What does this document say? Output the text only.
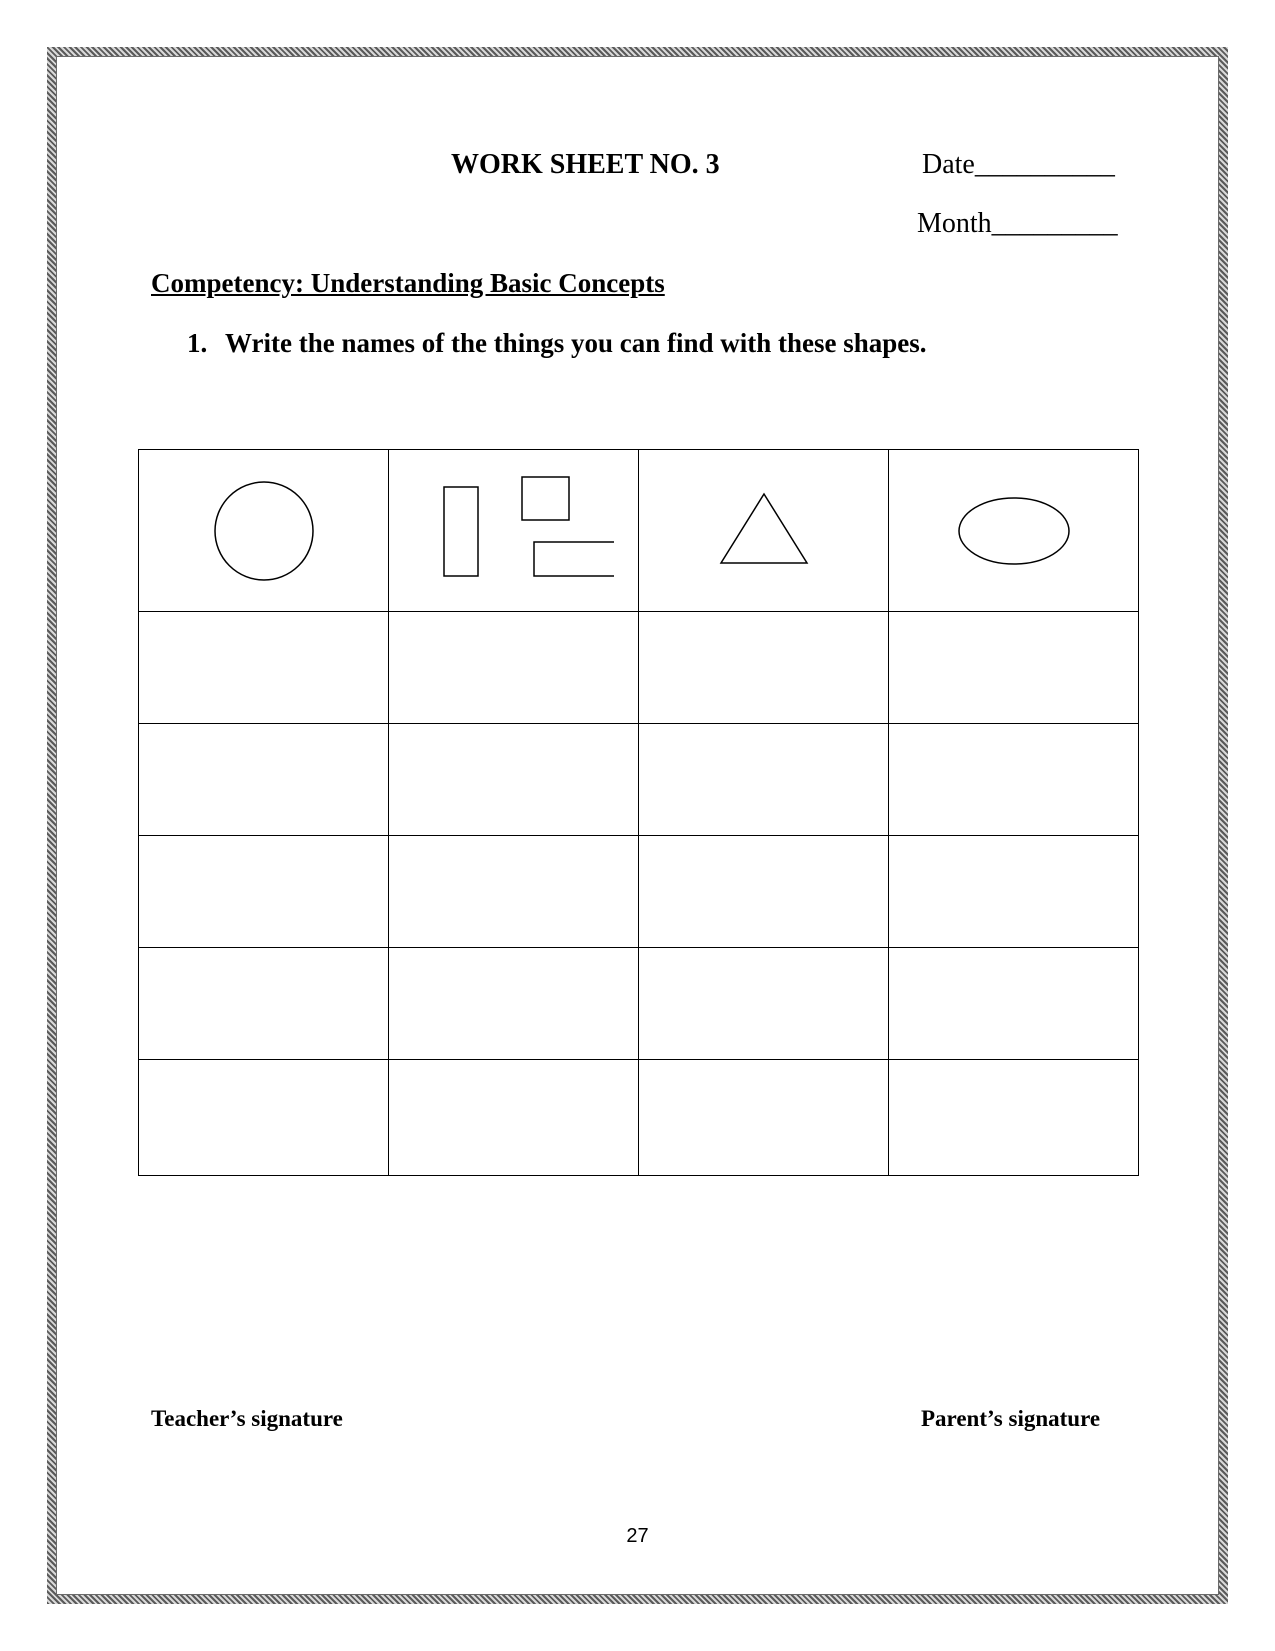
WORK SHEET NO. 3	Date__________
Month_________
Competency: Understanding Basic Concepts
1. Write the names of the things you can find with these shapes.

Teacher’s signature	Parent’s signature
27
